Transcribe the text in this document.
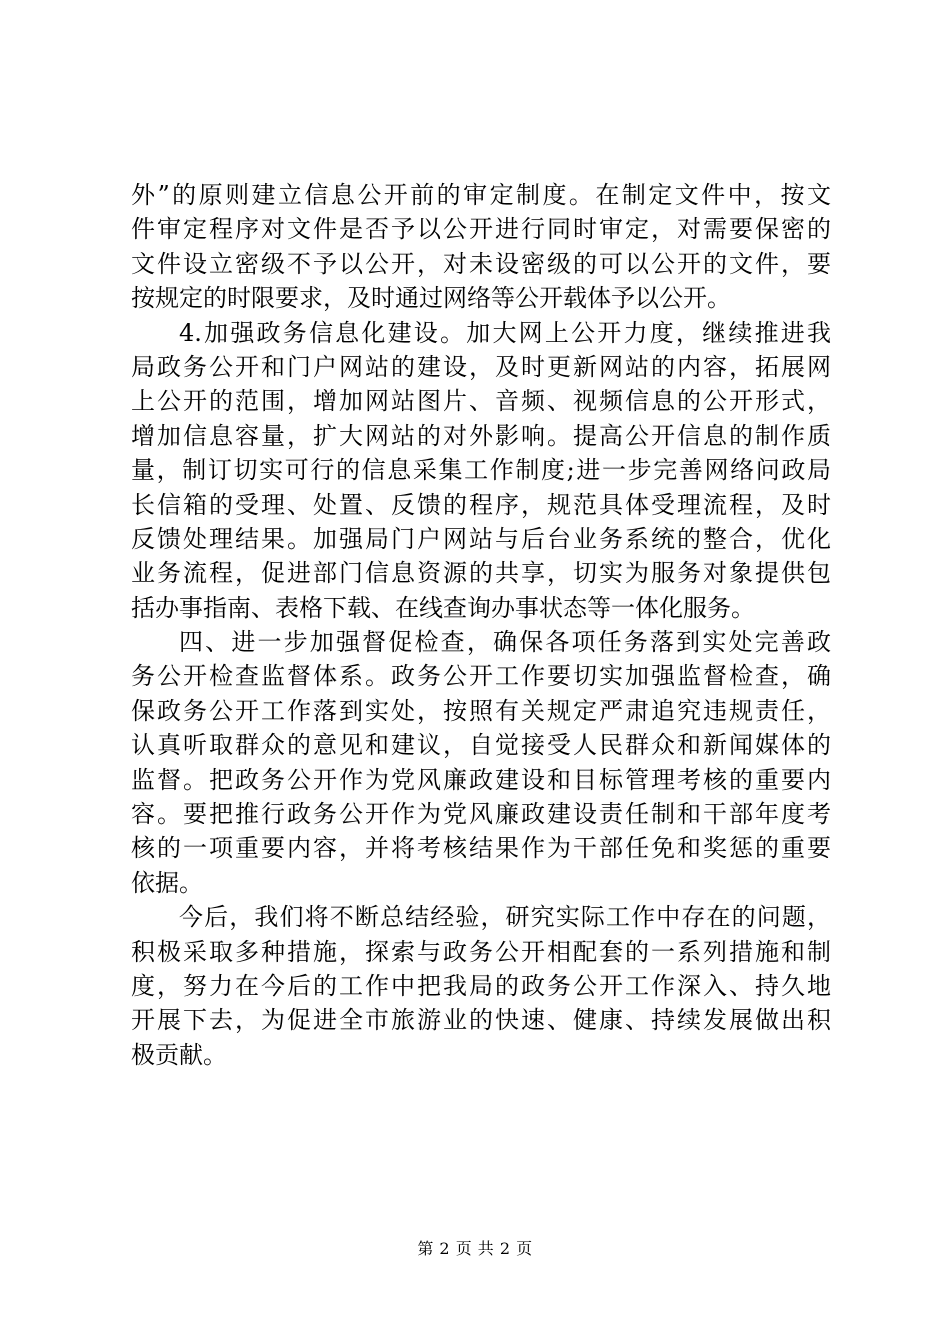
外”的原则建立信息公开前的审定制度。在制定文件中，按文
件审定程序对文件是否予以公开进行同时审定，对需要保密的
文件设立密级不予以公开，对未设密级的可以公开的文件，要
按规定的时限要求，及时通过网络等公开载体予以公开。
4.加强政务信息化建设。加大网上公开力度，继续推进我
局政务公开和门户网站的建设，及时更新网站的内容，拓展网
上公开的范围，增加网站图片、音频、视频信息的公开形式，
增加信息容量，扩大网站的对外影响。提高公开信息的制作质
量，制订切实可行的信息采集工作制度;进一步完善网络问政局
长信箱的受理、处置、反馈的程序，规范具体受理流程，及时
反馈处理结果。加强局门户网站与后台业务系统的整合，优化
业务流程，促进部门信息资源的共享，切实为服务对象提供包
括办事指南、表格下载、在线查询办事状态等一体化服务。
四、进一步加强督促检查，确保各项任务落到实处完善政
务公开检查监督体系。政务公开工作要切实加强监督检查，确
保政务公开工作落到实处，按照有关规定严肃追究违规责任，
认真听取群众的意见和建议，自觉接受人民群众和新闻媒体的
监督。把政务公开作为党风廉政建设和目标管理考核的重要内
容。要把推行政务公开作为党风廉政建设责任制和干部年度考
核的一项重要内容，并将考核结果作为干部任免和奖惩的重要
依据。
今后，我们将不断总结经验，研究实际工作中存在的问题，
积极采取多种措施，探索与政务公开相配套的一系列措施和制
度，努力在今后的工作中把我局的政务公开工作深入、持久地
开展下去，为促进全市旅游业的快速、健康、持续发展做出积
极贡献。
第 2 页 共 2 页
